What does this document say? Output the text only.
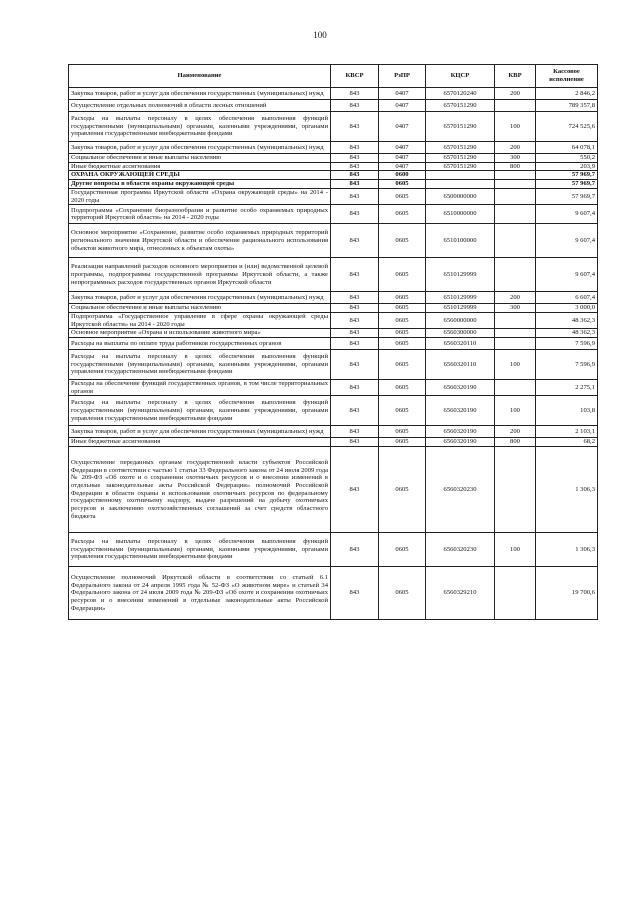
100
Наименование	КВСР	РзПР	КЦСР	КВР	Кассовое исполнение
Закупка товаров, работ и услуг для обеспечения государственных (муниципальных) нужд	843	0407	6570120240	200	2 846,2
Осуществление отдельных полномочий в области лесных отношений	843	0407	6570151290		789 357,8
Расходы на выплаты персоналу в целях обеспечения выполнения функций государственными (муниципальными) органами, казенными учреждениями, органами управления государственными внебюджетными фондами	843	0407	6570151290	100	724 525,6
Закупка товаров, работ и услуг для обеспечения государственных (муниципальных) нужд	843	0407	6570151290	200	64 078,1
Социальное обеспечение и иные выплаты населению	843	0407	6570151290	300	550,2
Иные бюджетные ассигнования	843	0407	6570151290	800	203,9
ОХРАНА ОКРУЖАЮЩЕЙ СРЕДЫ	843	0600			57 969,7
Другие вопросы в области охраны окружающей среды	843	0605			57 969,7
Государственная программа Иркутской области «Охрана окружающей среды» на 2014 - 2020 годы	843	0605	6500000000		57 969,7
Подпрограмма «Сохранение биоразнообразия и развитие особо охраняемых природных территорий Иркутской области» на 2014 - 2020 годы	843	0605	6510000000		9 607,4
Основное мероприятие «Сохранение, развитие особо охраняемых природных территорий регионального значения Иркутской области и обеспечение рационального использования объектов животного мира, отнесенных к объектам охоты»	843	0605	6510100000		9 607,4
Реализация направлений расходов основного мероприятия и (или) ведомственной целевой программы, подпрограммы государственной программы Иркутской области, а также непрограммных расходов государственных органов Иркутской области	843	0605	6510129999		9 607,4
Закупка товаров, работ и услуг для обеспечения государственных (муниципальных) нужд	843	0605	6510129999	200	6 607,4
Социальное обеспечение и иные выплаты населению	843	0605	6510129999	300	3 000,0
Подпрограмма «Государственное управление в сфере охраны окружающей среды Иркутской области» на 2014 - 2020 годы	843	0605	6560000000		48 362,3
Основное мероприятие «Охрана и использование животного мира»	843	0605	6560300000		48 362,3
Расходы на выплаты по оплате труда работников государственных органов	843	0605	6560320110		7 596,9
Расходы на выплаты персоналу в целях обеспечения выполнения функций государственными (муниципальными) органами, казенными учреждениями, органами управления государственными внебюджетными фондами	843	0605	6560320110	100	7 596,9
Расходы на обеспечение функций государственных органов, в том числе территориальных органов	843	0605	6560320190		2 275,1
Расходы на выплаты персоналу в целях обеспечения выполнения функций государственными (муниципальными) органами, казенными учреждениями, органами управления государственными внебюджетными фондами	843	0605	6560320190	100	103,8
Закупка товаров, работ и услуг для обеспечения государственных (муниципальных) нужд	843	0605	6560320190	200	2 103,1
Иные бюджетные ассигнования	843	0605	6560320190	800	68,2
Осуществление переданных органам государственной власти субъектов Российской Федерации в соответствии с частью 1 статьи 33 Федерального закона от 24 июля 2009 года № 209-ФЗ «Об охоте и о сохранении охотничьих ресурсов и о внесении изменений в отдельные законодательные акты Российской Федерации» полномочий Российской Федерации в области охраны и использования охотничьих ресурсов по федеральному государственному охотничьему надзору, выдаче разрешений на добычу охотничьих ресурсов и заключению охотхозяйственных соглашений за счет средств областного бюджета	843	0605	6560320230		1 306,3
Расходы на выплаты персоналу в целях обеспечения выполнения функций государственными (муниципальными) органами, казенными учреждениями, органами управления государственными внебюджетными фондами	843	0605	6560320230	100	1 306,3
Осуществление полномочий Иркутской области в соответствии со статьей 6.1 Федерального закона от 24 апреля 1995 года № 52-ФЗ «О животном мире» и статьей 34 Федерального закона от 24 июля 2009 года № 209-ФЗ «Об охоте и сохранении охотничьих ресурсов и о внесении изменений в отдельные законодательные акты Российской Федерации»	843	0605	6560329210		19 700,6
